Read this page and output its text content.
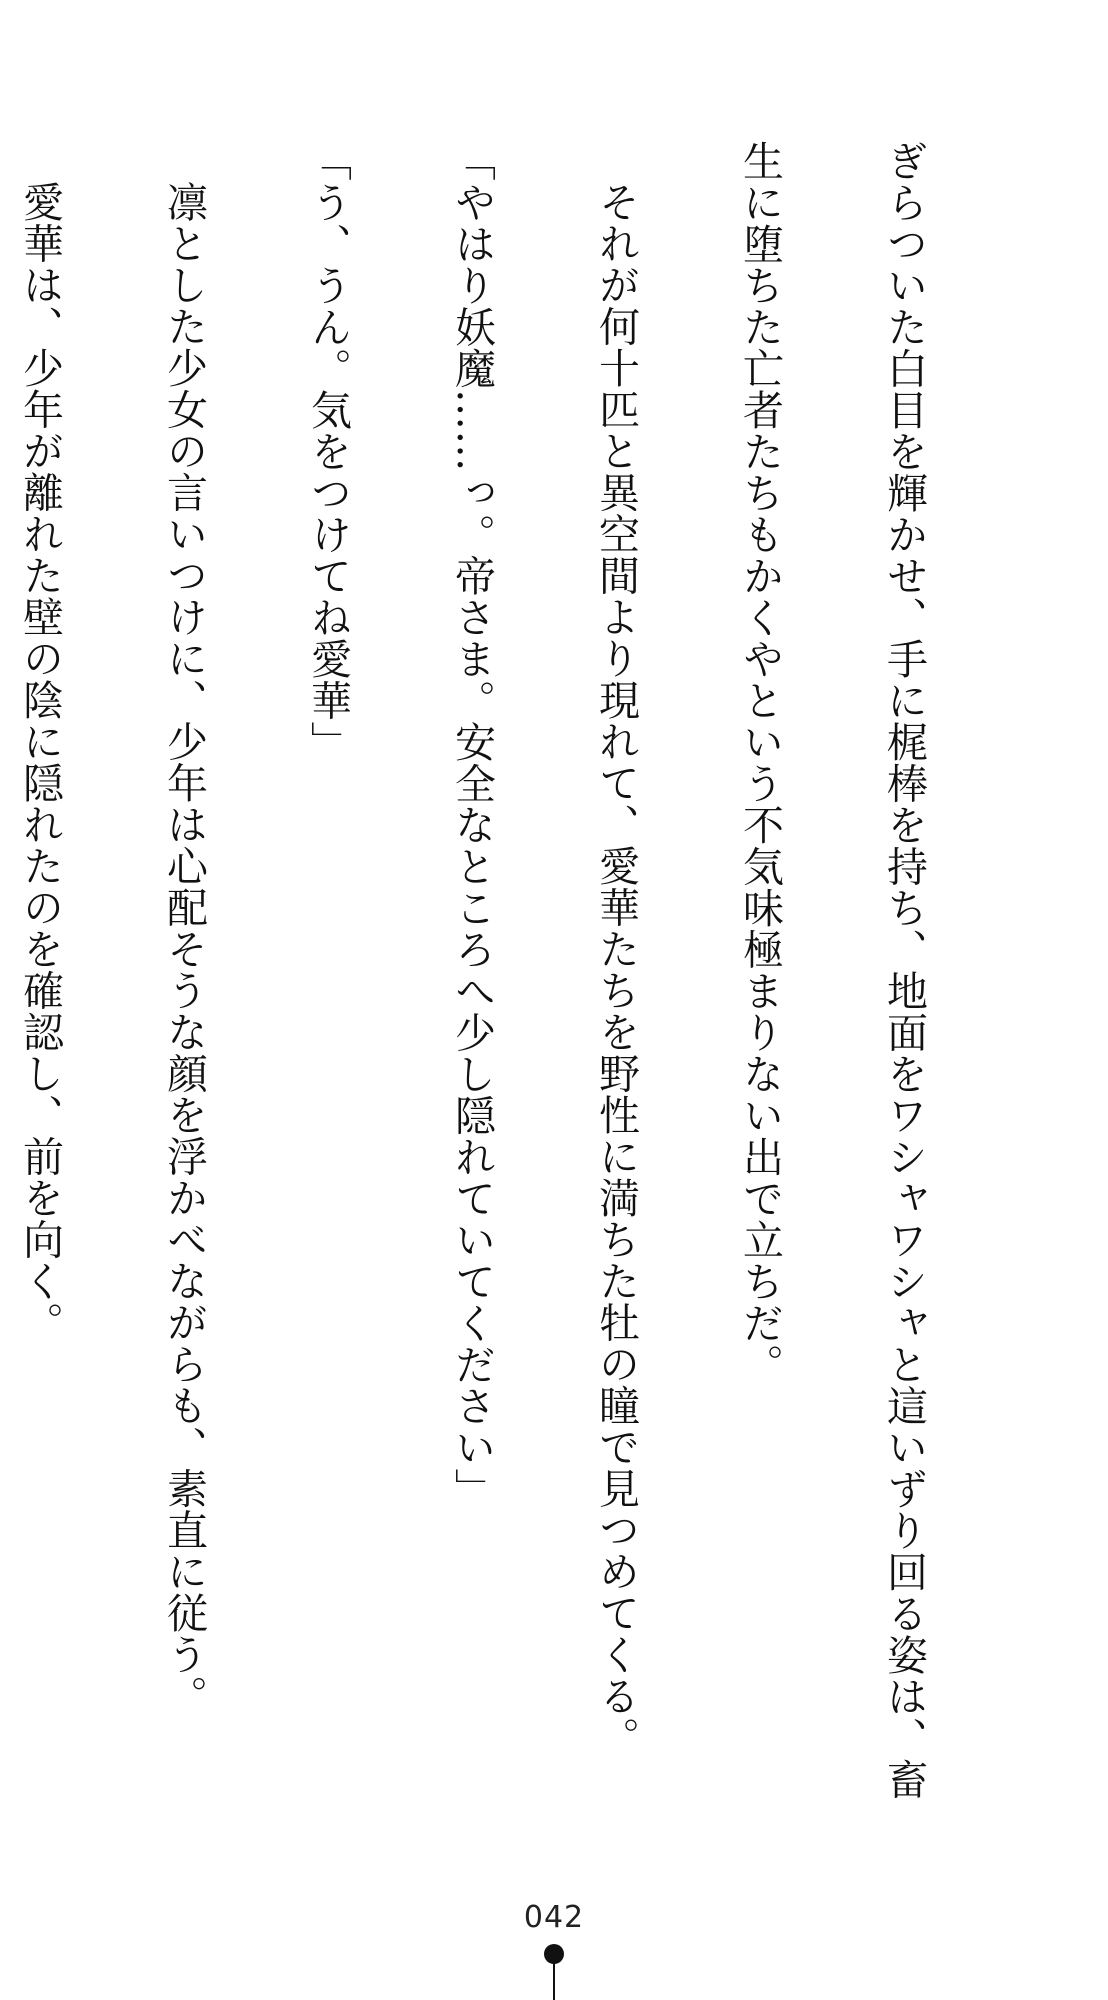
ぎらついた白目を輝かせ、手に梶棒を持ち、地面をワシャワシャと這いずり回る姿は、畜

生に堕ちた亡者たちもかくやという不気味極まりない出で立ちだ。

それが何十匹と異空間より現れて、愛華たちを野性に満ちた牡の瞳で見つめてくる。

「やはり妖魔……っ。帝さま。安全なところへ少し隠れていてください」

「う、うん。気をつけてね愛華」

凛とした少女の言いつけに、少年は心配そうな顔を浮かべながらも、素直に従う。

愛華は、少年が離れた壁の陰に隠れたのを確認し、前を向く。

042
